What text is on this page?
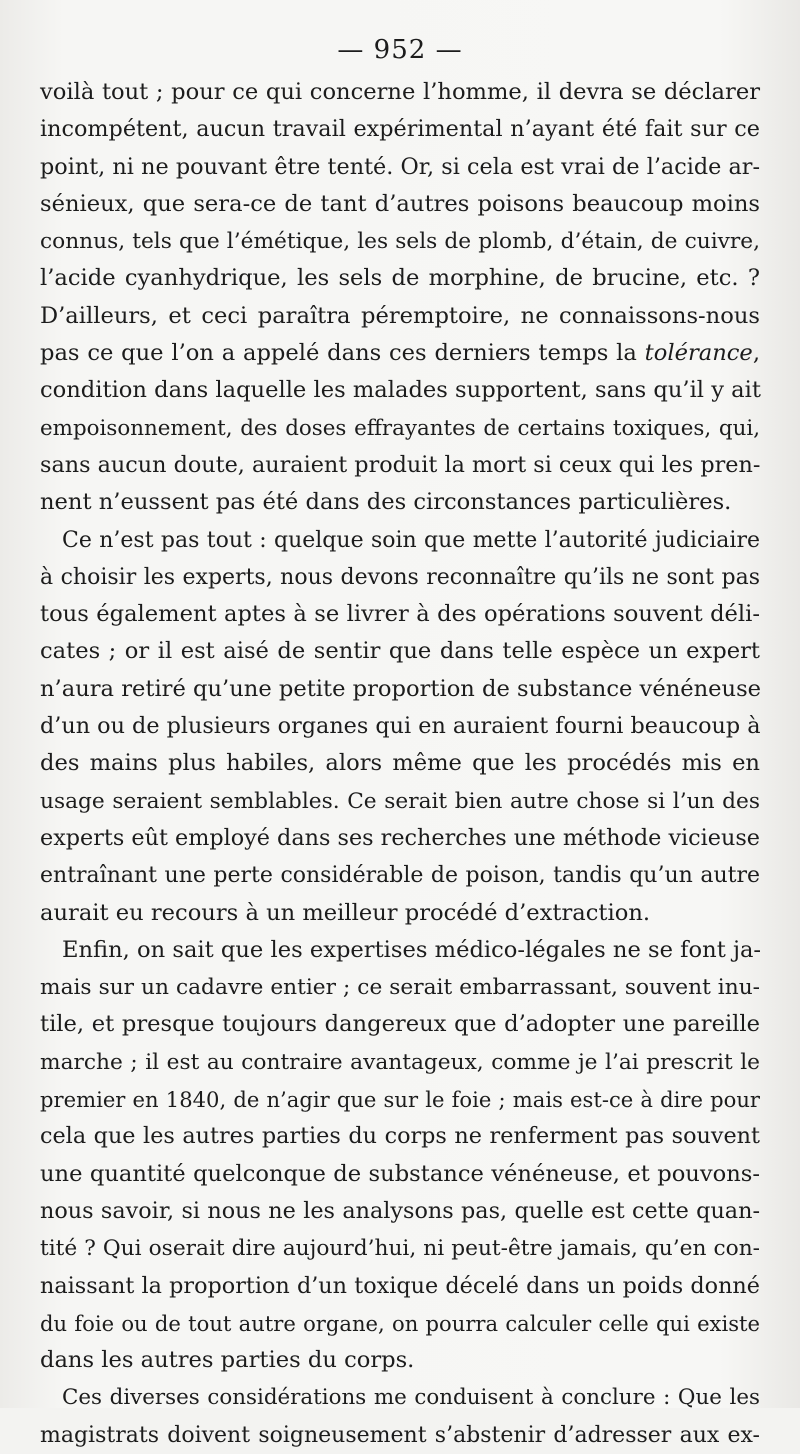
— 952 —
voilà tout ; pour ce qui concerne l’homme, il devra se déclarer
incompétent, aucun travail expérimental n’ayant été fait sur ce
point, ni ne pouvant être tenté. Or, si cela est vrai de l’acide ar-
sénieux, que sera-ce de tant d’autres poisons beaucoup moins
connus, tels que l’émétique, les sels de plomb, d’étain, de cuivre,
l’acide cyanhydrique, les sels de morphine, de brucine, etc. ?
D’ailleurs, et ceci paraîtra péremptoire, ne connaissons-nous
pas ce que l’on a appelé dans ces derniers temps la tolérance,
condition dans laquelle les malades supportent, sans qu’il y ait
empoisonnement, des doses effrayantes de certains toxiques, qui,
sans aucun doute, auraient produit la mort si ceux qui les pren-
nent n’eussent pas été dans des circonstances particulières.
Ce n’est pas tout : quelque soin que mette l’autorité judiciaire
à choisir les experts, nous devons reconnaître qu’ils ne sont pas
tous également aptes à se livrer à des opérations souvent déli-
cates ; or il est aisé de sentir que dans telle espèce un expert
n’aura retiré qu’une petite proportion de substance vénéneuse
d’un ou de plusieurs organes qui en auraient fourni beaucoup à
des mains plus habiles, alors même que les procédés mis en
usage seraient semblables. Ce serait bien autre chose si l’un des
experts eût employé dans ses recherches une méthode vicieuse
entraînant une perte considérable de poison, tandis qu’un autre
aurait eu recours à un meilleur procédé d’extraction.
Enfin, on sait que les expertises médico-légales ne se font ja-
mais sur un cadavre entier ; ce serait embarrassant, souvent inu-
tile, et presque toujours dangereux que d’adopter une pareille
marche ; il est au contraire avantageux, comme je l’ai prescrit le
premier en 1840, de n’agir que sur le foie ; mais est-ce à dire pour
cela que les autres parties du corps ne renferment pas souvent
une quantité quelconque de substance vénéneuse, et pouvons-
nous savoir, si nous ne les analysons pas, quelle est cette quan-
tité ? Qui oserait dire aujourd’hui, ni peut-être jamais, qu’en con-
naissant la proportion d’un toxique décelé dans un poids donné
du foie ou de tout autre organe, on pourra calculer celle qui existe
dans les autres parties du corps.
Ces diverses considérations me conduisent à conclure : Que les
magistrats doivent soigneusement s’abstenir d’adresser aux ex-
